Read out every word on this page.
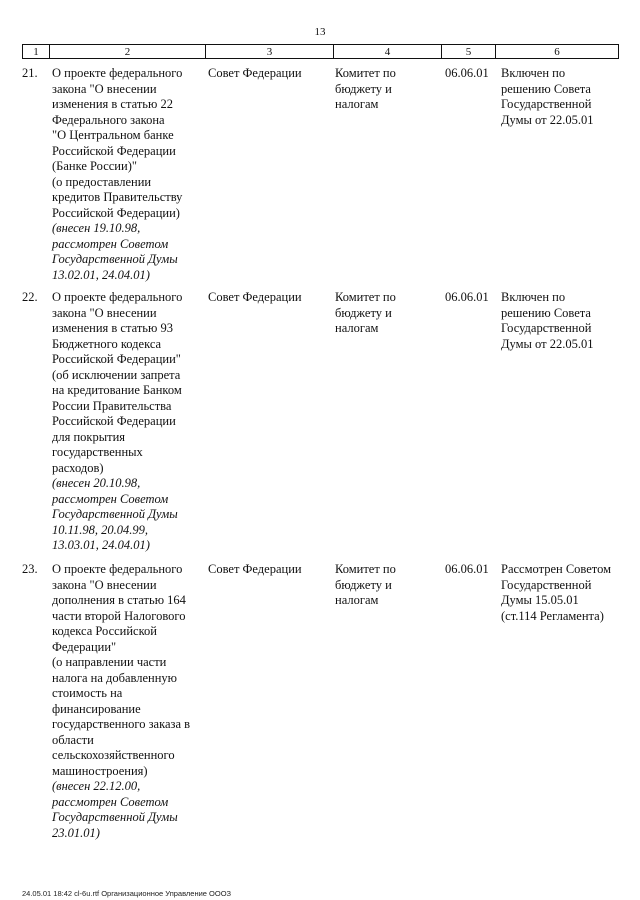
13
1	2	3	4	5	6
21.	О проекте федерального
закона "О внесении
изменения в статью 22
Федерального закона
"О Центральном банке
Российской Федерации
(Банке России)"
(о предоставлении
кредитов Правительству
Российской Федерации)
(внесен 19.10.98,
рассмотрен Советом
Государственной Думы
13.02.01, 24.04.01)
Совет Федерации	Комитет по
бюджету и
налогам
06.06.01 Включен по
решению Совета
Государственной
Думы от 22.05.01
22.	О проекте федерального
закона "О внесении
изменения в статью 93
Бюджетного кодекса
Российской Федерации"
(об исключении запрета
на кредитование Банком
России Правительства
Российской Федерации
для покрытия
государственных
расходов)
(внесен 20.10.98,
рассмотрен Советом
Государственной Думы
10.11.98, 20.04.99,
13.03.01, 24.04.01)
Совет Федерации	Комитет по
бюджету и
налогам
06.06.01 Включен по
решению Совета
Государственной
Думы от 22.05.01
23.	О проекте федерального
закона "О внесении
дополнения в статью 164
части второй Налогового
кодекса Российской
Федерации"
(о направлении части
налога на добавленную
стоимость на
финансирование
государственного заказа в
области
сельскохозяйственного
машиностроения)
(внесен 22.12.00,
рассмотрен Советом
Государственной Думы
23.01.01)
Совет Федерации	Комитет по
бюджету и
налогам
06.06.01 Рассмотрен Советом
Государственной
Думы 15.05.01
(ст.114 Регламента)
24.05.01 18:42 cl-6u.rtf Организационное Управление ОООЗ
